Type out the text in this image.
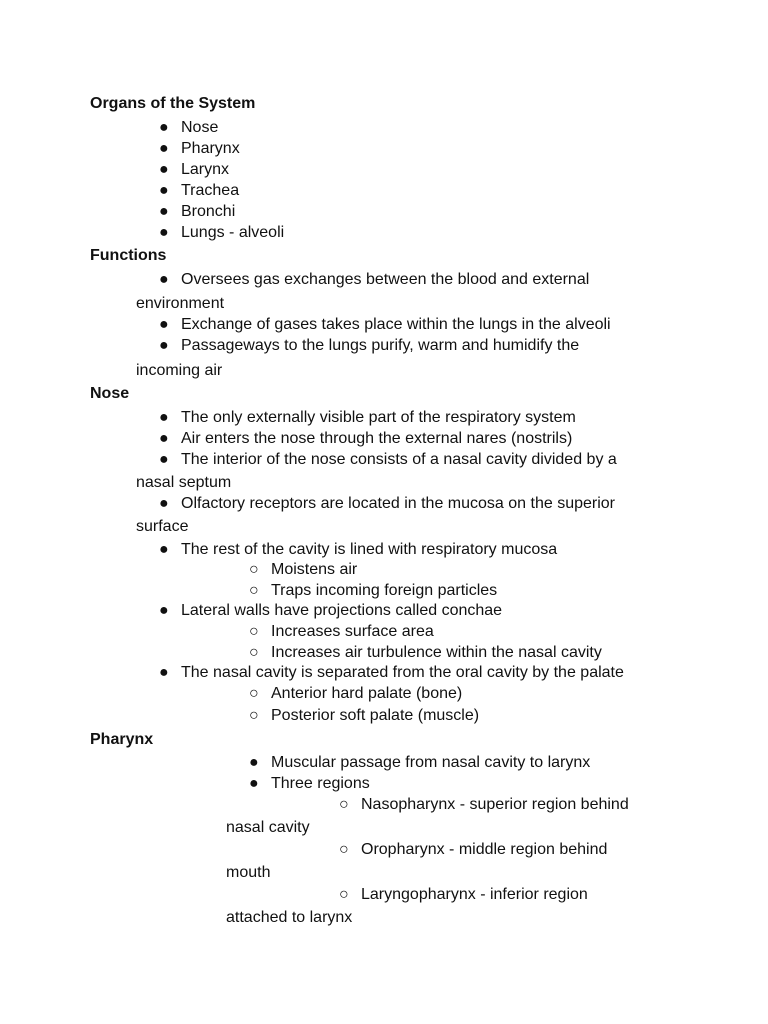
Organs of the System
● Nose
● Pharynx
● Larynx
● Trachea
● Bronchi
● Lungs - alveoli
Functions
● Oversees gas exchanges between the blood and external
environment
● Exchange of gases takes place within the lungs in the alveoli
● Passageways to the lungs purify, warm and humidify the
incoming air
Nose
● The only externally visible part of the respiratory system
● Air enters the nose through the external nares (nostrils)
● The interior of the nose consists of a nasal cavity divided by a
nasal septum
● Olfactory receptors are located in the mucosa on the superior
surface
● The rest of the cavity is lined with respiratory mucosa
○ Moistens air
○ Traps incoming foreign particles
● Lateral walls have projections called conchae
○ Increases surface area
○ Increases air turbulence within the nasal cavity
● The nasal cavity is separated from the oral cavity by the palate
○ Anterior hard palate (bone)
○ Posterior soft palate (muscle)
Pharynx
● Muscular passage from nasal cavity to larynx
● Three regions
○ Nasopharynx - superior region behind
nasal cavity
○ Oropharynx - middle region behind
mouth
○ Laryngopharynx - inferior region
attached to larynx
